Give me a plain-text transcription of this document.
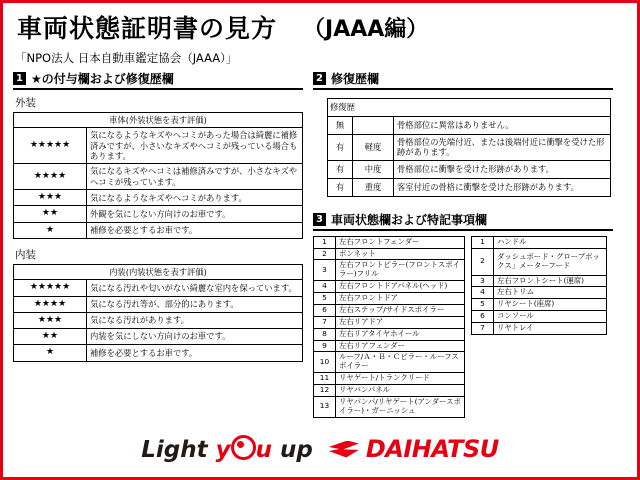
車両状態証明書の見方 （JAAA編）
「NPO法人 日本自動車鑑定協会（JAAA）」
1 ★の付与欄および修復歴欄
外装
車体(外装状態を表す評価)	
★★★★★	気になるようなキズやヘコミがあった場合は綺麗に補修済みですが、小さいなキズやヘコミが残っている場合もあります。
★★★★	気になるキズやヘコミは補修済みですが、小さなキズやヘコミが残っています。
★★★	気になるようなキズやヘコミがあります。
★★	外観を気にしない方向けのお車です。
★	補修を必要とするお車です。
内装
内装(内装状態を表す評価)	
★★★★★	気になる汚れや匂いがない綺麗な室内を保っています。
★★★★	気になる汚れ等が、部分的にあります。
★★★	気になる汚れがあります。
★★	内装を気にしない方向けのお車です。
★	補修を必要とするお車です。
2 修復歴欄
修復歴		
無		骨格部位に異常はありません。
有	軽度	骨格部位の先端付近、または後端付近に衝撃を受けた形跡があります。
有	中度	骨格部位に衝撃を受けた形跡があります。
有	重度	客室付近の骨格に衝撃を受けた形跡があります。
3 車両状態欄および特記事項欄
1	左右フロントフェンダー
2	ボンネット
3	左右フロントピラー(フロントスポイラー)フリル
4	左右フロントドアパネル(ヘッド)
5	左右フロントドア
6	左右ステップ/サイドスポイラー
7	左右リアドア
8	左右リアタイヤホイール
9	左右リアフェンダー
10	ルーフ/Ａ・Ｂ・Ｃピラー・ルーフスポイラー
11	リヤゲート/トランクリード
12	リヤバンパネル
13	リヤパンパ/リヤゲート(アンダースポイラー)・ガーニッシュ
1	ハンドル
2	ダッシュボード・グローブボックス」メーターフード
3	左右フロントシート(運席)
4	左右トリム
5	リヤシート(座席)
6	コンソール
7	リヤトレイ
Light y u up DAIHATSU
